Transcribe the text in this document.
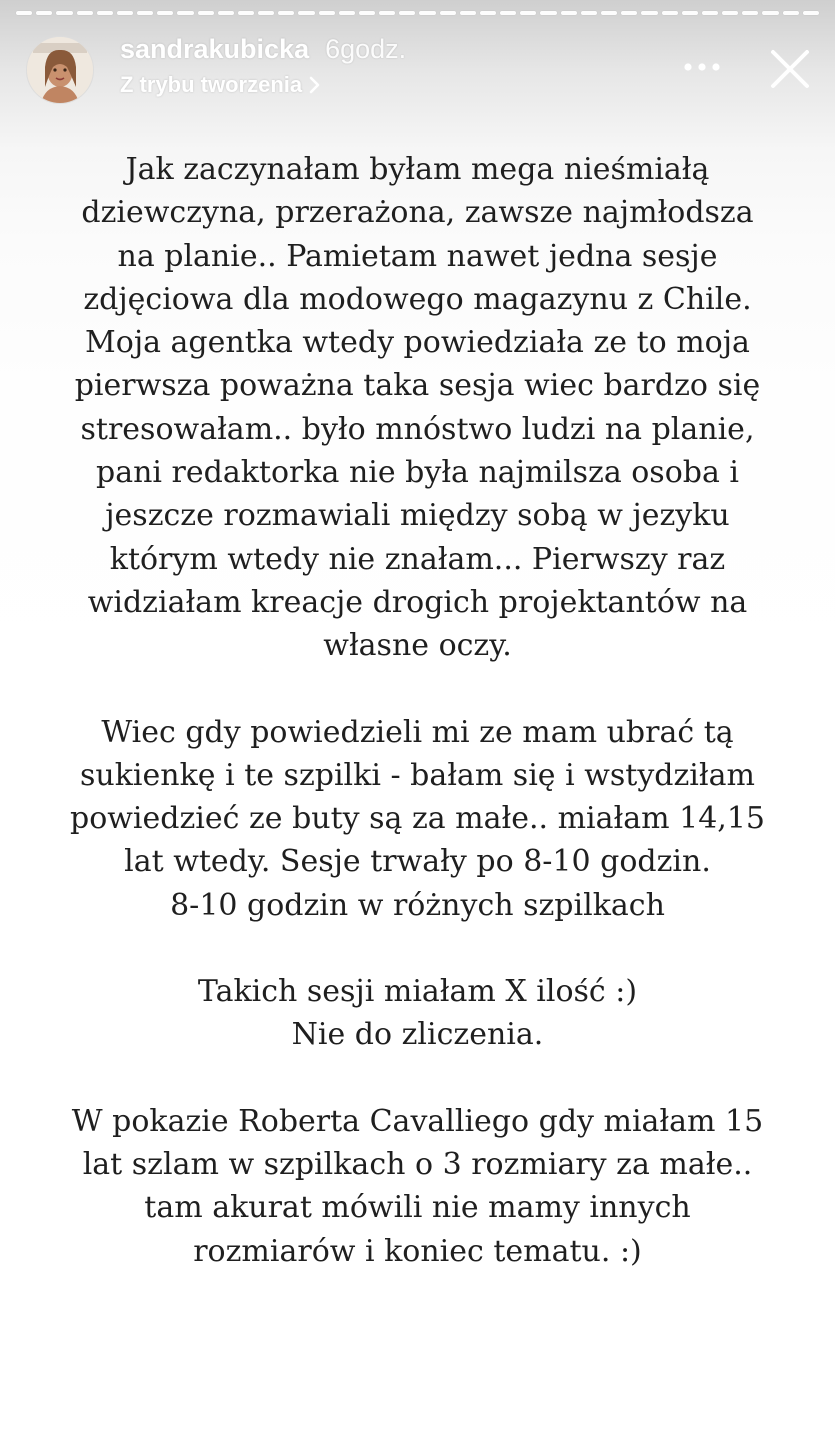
sandrakubicka 6godz.
Z trybu tworzenia

Jak zaczynałam byłam mega nieśmiałą
dziewczyna, przerażona, zawsze najmłodsza
na planie.. Pamietam nawet jedna sesje
zdjęciowa dla modowego magazynu z Chile.
Moja agentka wtedy powiedziała ze to moja
pierwsza poważna taka sesja wiec bardzo się
stresowałam.. było mnóstwo ludzi na planie,
pani redaktorka nie była najmilsza osoba i
jeszcze rozmawiali między sobą w jezyku
którym wtedy nie znałam... Pierwszy raz
widziałam kreacje drogich projektantów na
własne oczy.

Wiec gdy powiedzieli mi ze mam ubrać tą
sukienkę i te szpilki - bałam się i wstydziłam
powiedzieć ze buty są za małe.. miałam 14,15
lat wtedy. Sesje trwały po 8-10 godzin.
8-10 godzin w różnych szpilkach

Takich sesji miałam X ilość :)
Nie do zliczenia.

W pokazie Roberta Cavalliego gdy miałam 15
lat szlam w szpilkach o 3 rozmiary za małe..
tam akurat mówili nie mamy innych
rozmiarów i koniec tematu. :)
